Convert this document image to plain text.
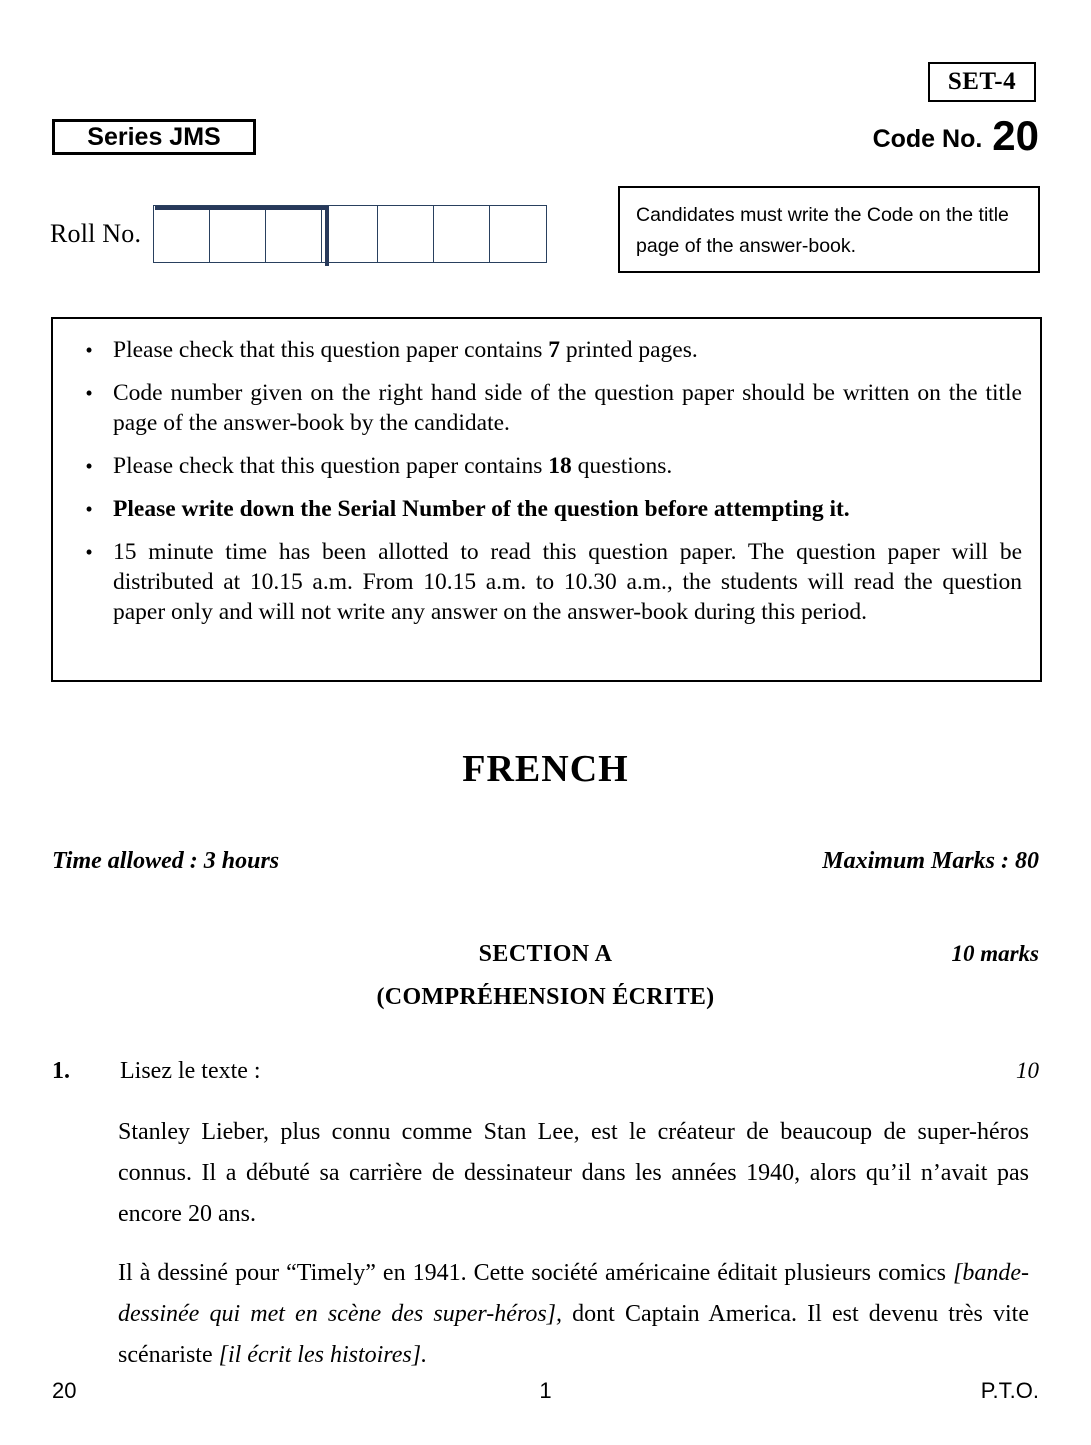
SET-4
Series JMS	Code No. 20
Roll No.
Candidates must write the Code on the title page of the answer-book.
• Please check that this question paper contains 7 printed pages.
• Code number given on the right hand side of the question paper should be written on the title page of the answer-book by the candidate.
• Please check that this question paper contains 18 questions.
• Please write down the Serial Number of the question before attempting it.
• 15 minute time has been allotted to read this question paper. The question paper will be distributed at 10.15 a.m. From 10.15 a.m. to 10.30 a.m., the students will read the question paper only and will not write any answer on the answer-book during this period.
FRENCH
Time allowed : 3 hours	Maximum Marks : 80
SECTION A	10 marks
(COMPRÉHENSION ÉCRITE)
1.	Lisez le texte :	10

Stanley Lieber, plus connu comme Stan Lee, est le créateur de beaucoup de super-héros connus. Il a débuté sa carrière de dessinateur dans les années 1940, alors qu’il n’avait pas encore 20 ans.

Il à dessiné pour “Timely” en 1941. Cette société américaine éditait plusieurs comics [bande-dessinée qui met en scène des super-héros], dont Captain America. Il est devenu très vite scénariste [il écrit les histoires].

20	1	P.T.O.
